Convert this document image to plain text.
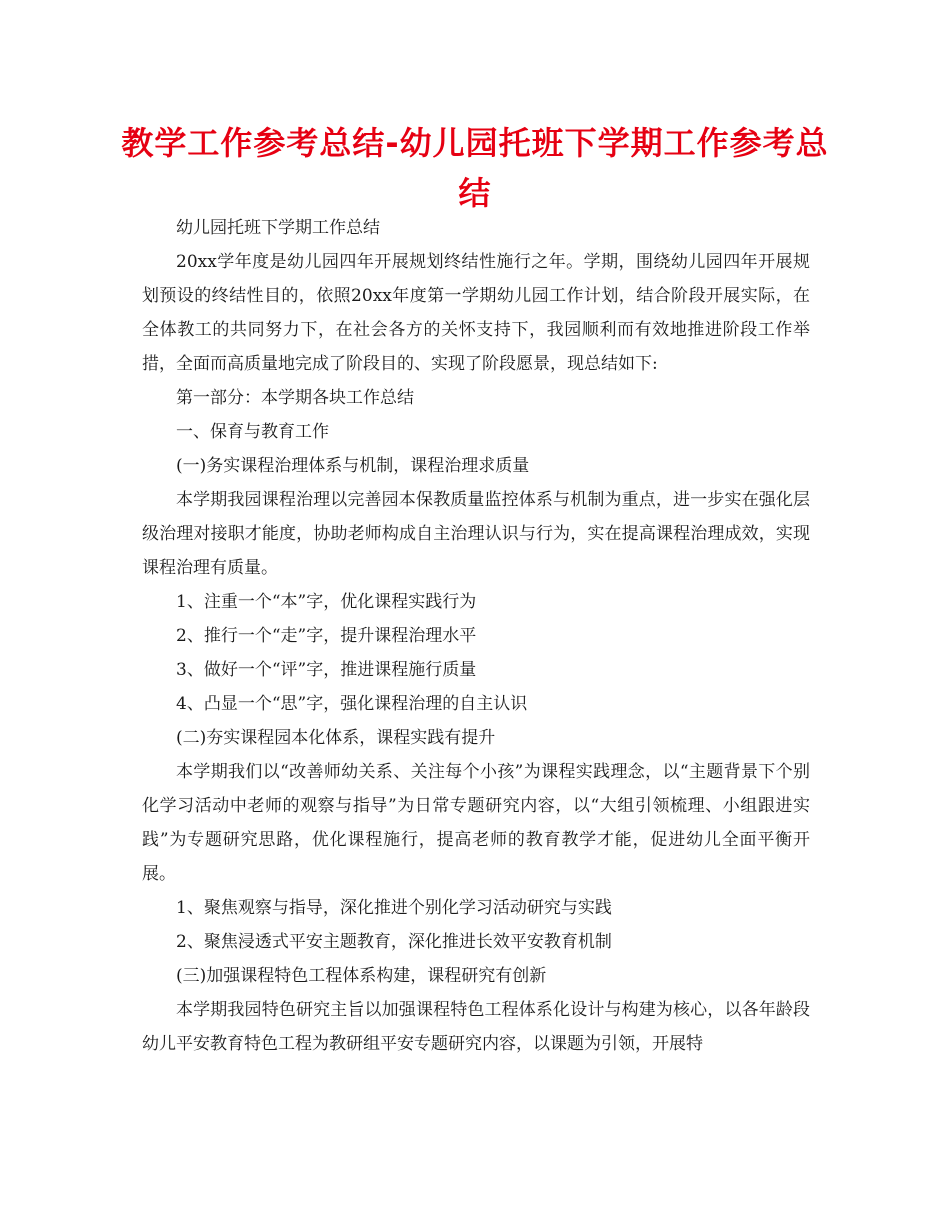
教学工作参考总结-幼儿园托班下学期工作参考总结

幼儿园托班下学期工作总结

20xx学年度是幼儿园四年开展规划终结性施行之年。学期，围绕幼儿园四年开展规划预设的终结性目的，依照20xx年度第一学期幼儿园工作计划，结合阶段开展实际，在全体教工的共同努力下，在社会各方的关怀支持下，我园顺利而有效地推进阶段工作举措，全面而高质量地完成了阶段目的、实现了阶段愿景，现总结如下:

第一部分：本学期各块工作总结

一、保育与教育工作

(一)务实课程治理体系与机制，课程治理求质量

本学期我园课程治理以完善园本保教质量监控体系与机制为重点，进一步实在强化层级治理对接职才能度，协助老师构成自主治理认识与行为，实在提高课程治理成效，实现课程治理有质量。

1、注重一个“本”字，优化课程实践行为

2、推行一个“走”字，提升课程治理水平

3、做好一个“评”字，推进课程施行质量

4、凸显一个“思”字，强化课程治理的自主认识

(二)夯实课程园本化体系，课程实践有提升

本学期我们以“改善师幼关系、关注每个小孩”为课程实践理念，以“主题背景下个别化学习活动中老师的观察与指导”为日常专题研究内容，以“大组引领梳理、小组跟进实践”为专题研究思路，优化课程施行，提高老师的教育教学才能，促进幼儿全面平衡开展。

1、聚焦观察与指导，深化推进个别化学习活动研究与实践

2、聚焦浸透式平安主题教育，深化推进长效平安教育机制

(三)加强课程特色工程体系构建，课程研究有创新

本学期我园特色研究主旨以加强课程特色工程体系化设计与构建为核心，以各年龄段幼儿平安教育特色工程为教研组平安专题研究内容，以课题为引领，开展特
